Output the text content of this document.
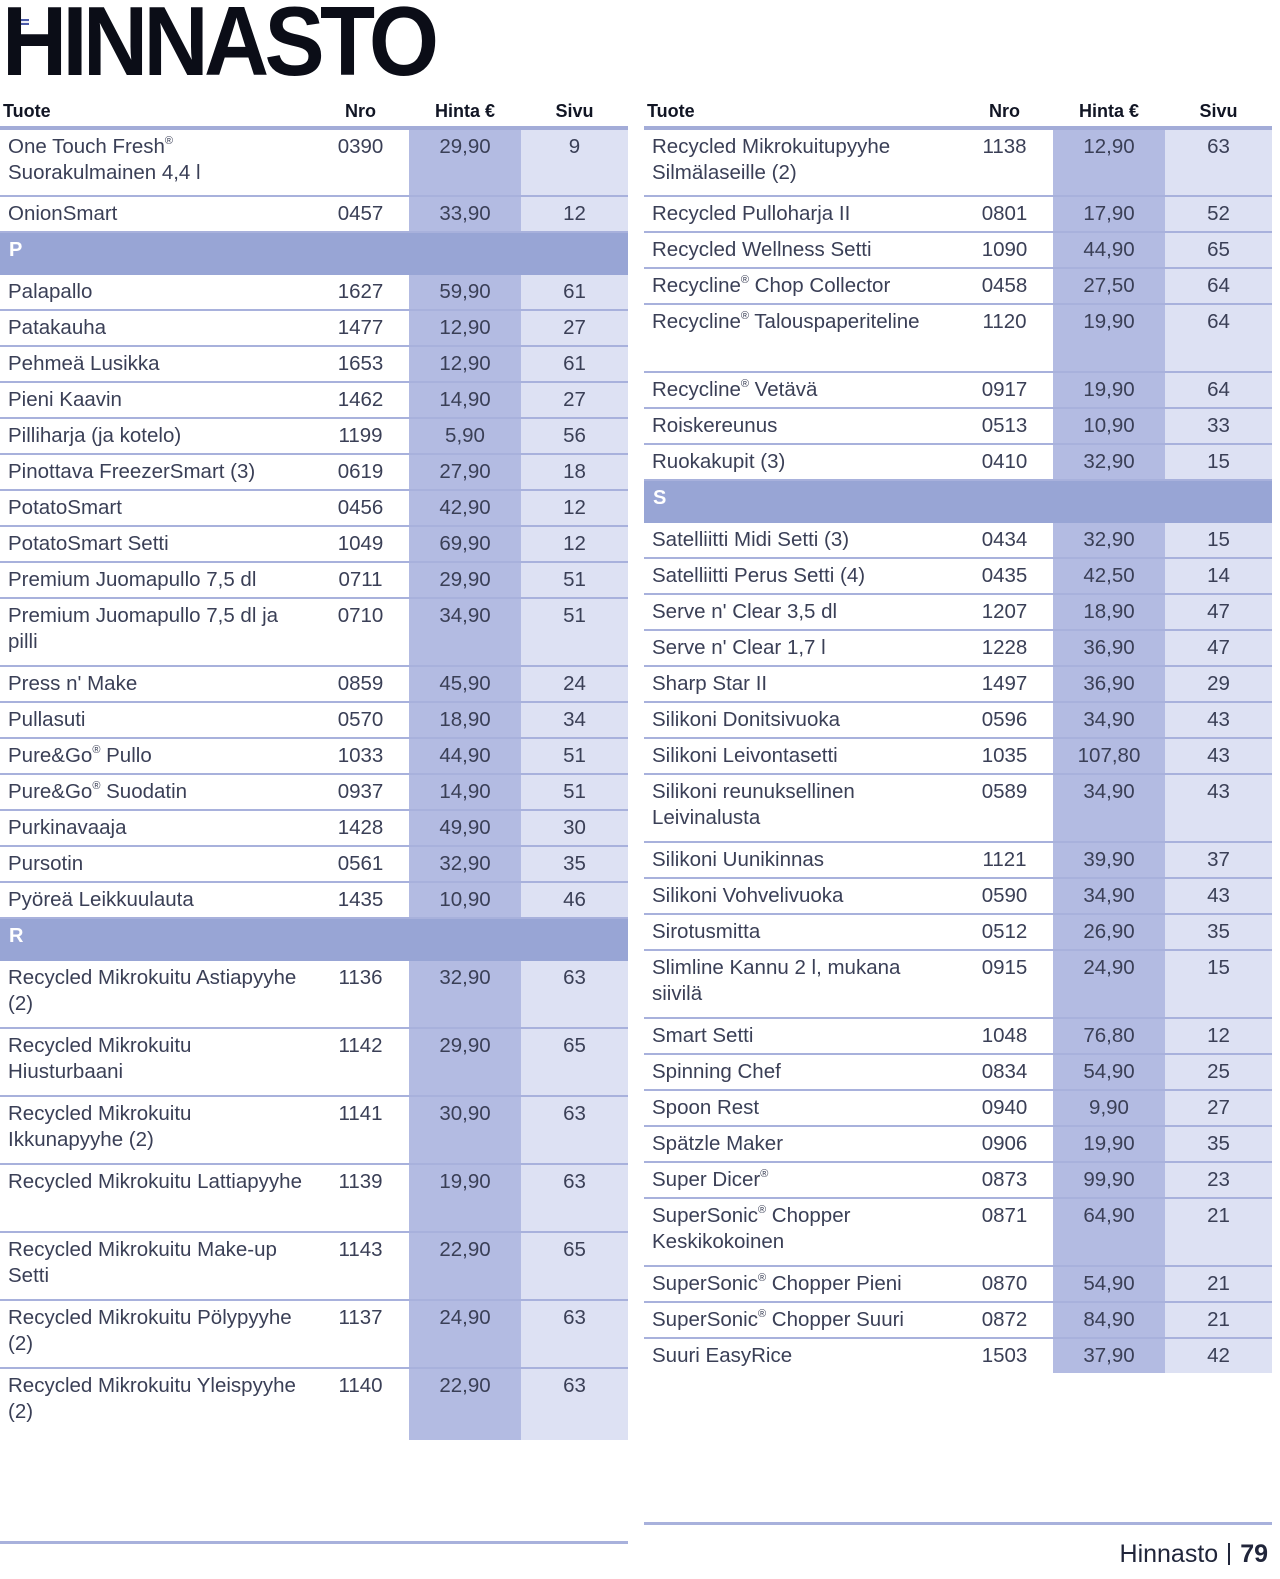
HINNASTO
Tuote	Nro	Hinta €	Sivu
One Touch Fresh® Suorakulmainen 4,4 l	0390	29,90	9
OnionSmart	0457	33,90	12
P			
Palapallo	1627	59,90	61
Patakauha	1477	12,90	27
Pehmeä Lusikka	1653	12,90	61
Pieni Kaavin	1462	14,90	27
Pilliharja (ja kotelo)	1199	5,90	56
Pinottava FreezerSmart (3)	0619	27,90	18
PotatoSmart	0456	42,90	12
PotatoSmart Setti	1049	69,90	12
Premium Juomapullo 7,5 dl	0711	29,90	51
Premium Juomapullo 7,5 dl ja pilli	0710	34,90	51
Press n' Make	0859	45,90	24
Pullasuti	0570	18,90	34
Pure&Go® Pullo	1033	44,90	51
Pure&Go® Suodatin	0937	14,90	51
Purkinavaaja	1428	49,90	30
Pursotin	0561	32,90	35
Pyöreä Leikkuulauta	1435	10,90	46
R			
Recycled Mikrokuitu Astiapyyhe (2)	1136	32,90	63
Recycled Mikrokuitu Hiusturbaani	1142	29,90	65
Recycled Mikrokuitu Ikkunapyyhe (2)	1141	30,90	63
Recycled Mikrokuitu Lattiapyyhe	1139	19,90	63
Recycled Mikrokuitu Make-up Setti	1143	22,90	65
Recycled Mikrokuitu Pölypyyhe (2)	1137	24,90	63
Recycled Mikrokuitu Yleispyyhe (2)	1140	22,90	63
Tuote	Nro	Hinta €	Sivu
Recycled Mikrokuitupyyhe Silmälaseille (2)	1138	12,90	63
Recycled Pulloharja II	0801	17,90	52
Recycled Wellness Setti	1090	44,90	65
Recycline® Chop Collector	0458	27,50	64
Recycline® Talouspaperiteline	1120	19,90	64
Recycline® Vetävä	0917	19,90	64
Roiskereunus	0513	10,90	33
Ruokakupit (3)	0410	32,90	15
S			
Satelliitti Midi Setti (3)	0434	32,90	15
Satelliitti Perus Setti (4)	0435	42,50	14
Serve n' Clear 3,5 dl	1207	18,90	47
Serve n' Clear 1,7 l	1228	36,90	47
Sharp Star II	1497	36,90	29
Silikoni Donitsivuoka	0596	34,90	43
Silikoni Leivontasetti	1035	107,80	43
Silikoni reunuksellinen Leivinalusta	0589	34,90	43
Silikoni Uunikinnas	1121	39,90	37
Silikoni Vohvelivuoka	0590	34,90	43
Sirotusmitta	0512	26,90	35
Slimline Kannu 2 l, mukana siivilä	0915	24,90	15
Smart Setti	1048	76,80	12
Spinning Chef	0834	54,90	25
Spoon Rest	0940	9,90	27
Spätzle Maker	0906	19,90	35
Super Dicer®	0873	99,90	23
SuperSonic® Chopper Keskikokoinen	0871	64,90	21
SuperSonic® Chopper Pieni	0870	54,90	21
SuperSonic® Chopper Suuri	0872	84,90	21
Suuri EasyRice	1503	37,90	42
Hinnasto 79
